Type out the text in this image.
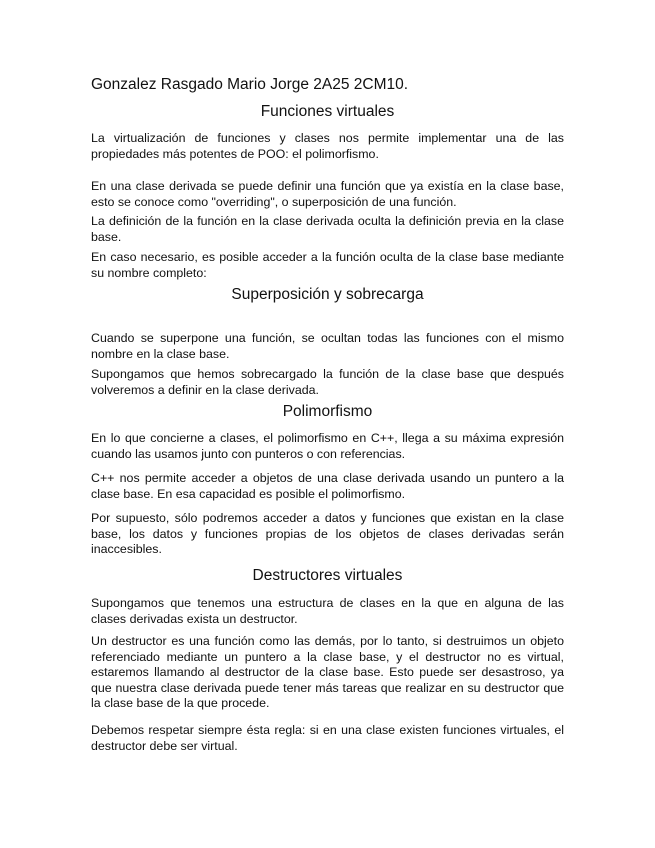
Gonzalez Rasgado Mario Jorge 2A25 2CM10.
Funciones virtuales

La virtualización de funciones y clases nos permite implementar una de las propiedades más potentes de POO: el polimorfismo.

En una clase derivada se puede definir una función que ya existía en la clase base, esto se conoce como "overriding", o superposición de una función.

La definición de la función en la clase derivada oculta la definición previa en la clase base.

En caso necesario, es posible acceder a la función oculta de la clase base mediante su nombre completo:

Superposición y sobrecarga

Cuando se superpone una función, se ocultan todas las funciones con el mismo nombre en la clase base.

Supongamos que hemos sobrecargado la función de la clase base que después volveremos a definir en la clase derivada.

Polimorfismo

En lo que concierne a clases, el polimorfismo en C++, llega a su máxima expresión cuando las usamos junto con punteros o con referencias.

C++ nos permite acceder a objetos de una clase derivada usando un puntero a la clase base. En esa capacidad es posible el polimorfismo.

Por supuesto, sólo podremos acceder a datos y funciones que existan en la clase base, los datos y funciones propias de los objetos de clases derivadas serán inaccesibles.

Destructores virtuales

Supongamos que tenemos una estructura de clases en la que en alguna de las clases derivadas exista un destructor.

Un destructor es una función como las demás, por lo tanto, si destruimos un objeto referenciado mediante un puntero a la clase base, y el destructor no es virtual, estaremos llamando al destructor de la clase base. Esto puede ser desastroso, ya que nuestra clase derivada puede tener más tareas que realizar en su destructor que la clase base de la que procede.

Debemos respetar siempre ésta regla: si en una clase existen funciones virtuales, el destructor debe ser virtual.
